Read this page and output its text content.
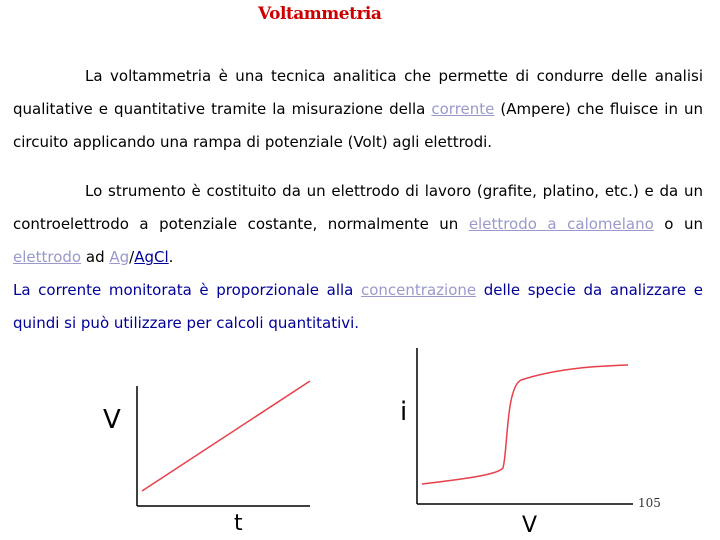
Voltammetria

La voltammetria è una tecnica analitica che permette di condurre delle analisi qualitative e quantitative tramite la misurazione della corrente (Ampere) che fluisce in un circuito applicando una rampa di potenziale (Volt) agli elettrodi.

Lo strumento è costituito da un elettrodo di lavoro (grafite, platino, etc.) e da un controelettrodo a potenziale costante, normalmente un elettrodo a calomelano o un elettrodo ad Ag/AgCl.

La corrente monitorata è proporzionale alla concentrazione delle specie da analizzare e quindi si può utilizzare per calcoli quantitativi.

V
t
i
V
105
